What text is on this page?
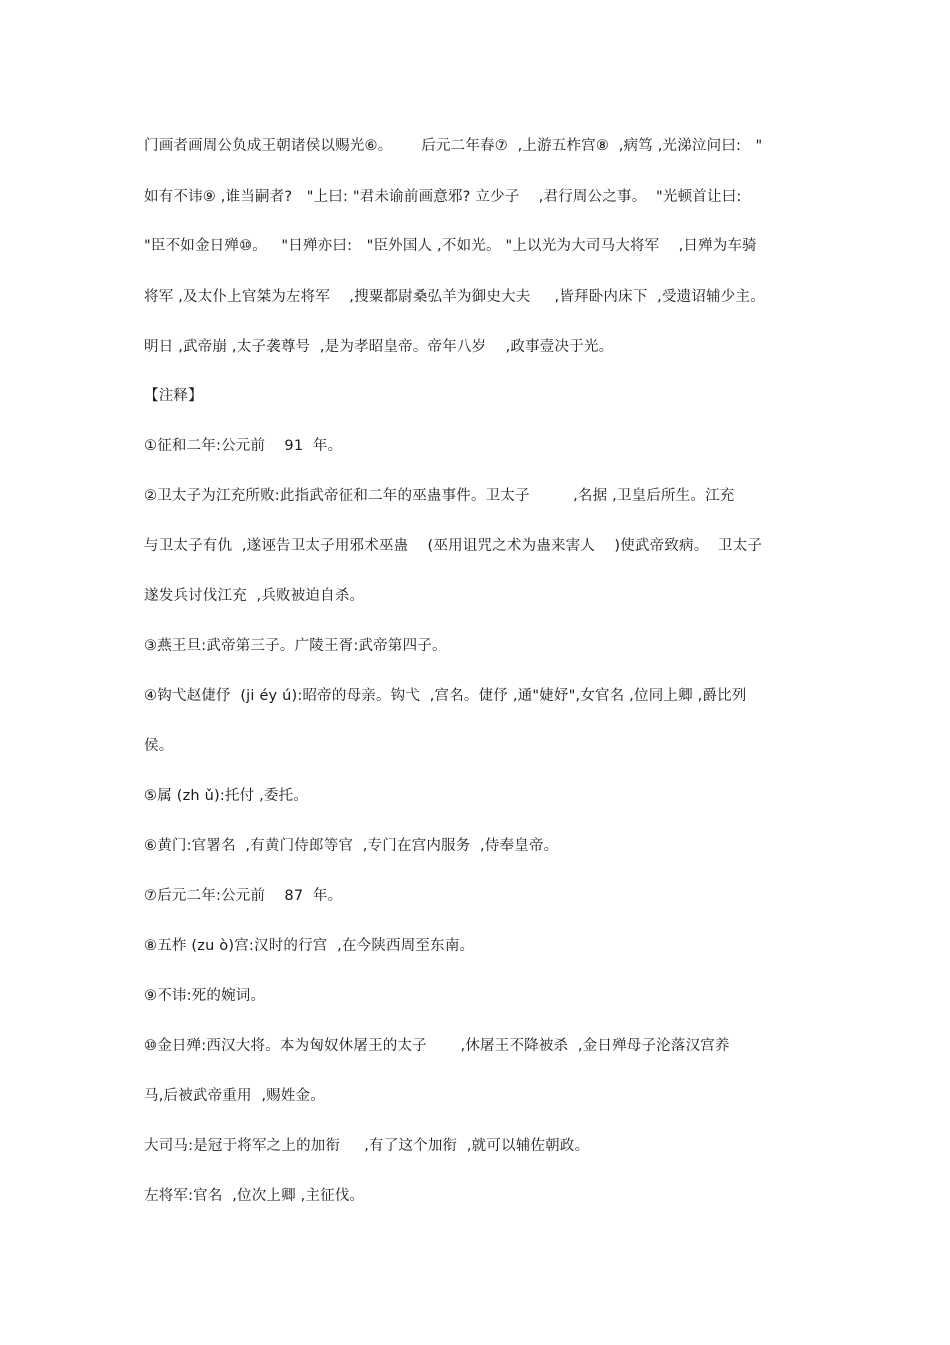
门画者画周公负成王朝诸侯以赐光⑥。      后元二年春⑦  ,上游五柞宫⑧  ,病笃 ,光涕泣问曰:   "
如有不讳⑨ ,谁当嗣者?   "上曰: "君未谕前画意邪? 立少子    ,君行周公之事。  "光顿首让曰:
"臣不如金日殚⑩。   "日殚亦曰:   "臣外国人 ,不如光。 "上以光为大司马大将军    ,日殚为车骑
将军 ,及太仆上官桀为左将军    ,搜粟都尉桑弘羊为御史大夫     ,皆拜卧内床下  ,受遗诏辅少主。
明日 ,武帝崩 ,太子袭尊号  ,是为孝昭皇帝。帝年八岁    ,政事壹决于光。
【注释】
①征和二年:公元前    91  年。
②卫太子为江充所败:此指武帝征和二年的巫蛊事件。卫太子         ,名据 ,卫皇后所生。江充
与卫太子有仇  ,遂诬告卫太子用邪术巫蛊    (巫用诅咒之术为蛊来害人    )使武帝致病。  卫太子
遂发兵讨伐江充  ,兵败被迫自杀。
③燕王旦:武帝第三子。广陵王胥:武帝第四子。
④钩弋赵倢伃  (ji éy ú):昭帝的母亲。钩弋  ,宫名。倢伃 ,通"婕妤",女官名 ,位同上卿 ,爵比列
侯。
⑤属 (zh ǔ):托付 ,委托。
⑥黄门:官署名  ,有黄门侍郎等官  ,专门在宫内服务  ,侍奉皇帝。
⑦后元二年:公元前    87  年。
⑧五柞 (zu ò)宫:汉时的行宫  ,在今陕西周至东南。
⑨不讳:死的婉词。
⑩金日殚:西汉大将。本为匈奴休屠王的太子       ,休屠王不降被杀  ,金日殚母子沦落汉宫养
马,后被武帝重用  ,赐姓金。
大司马:是冠于将军之上的加衔     ,有了这个加衔  ,就可以辅佐朝政。
左将军:官名  ,位次上卿 ,主征伐。
